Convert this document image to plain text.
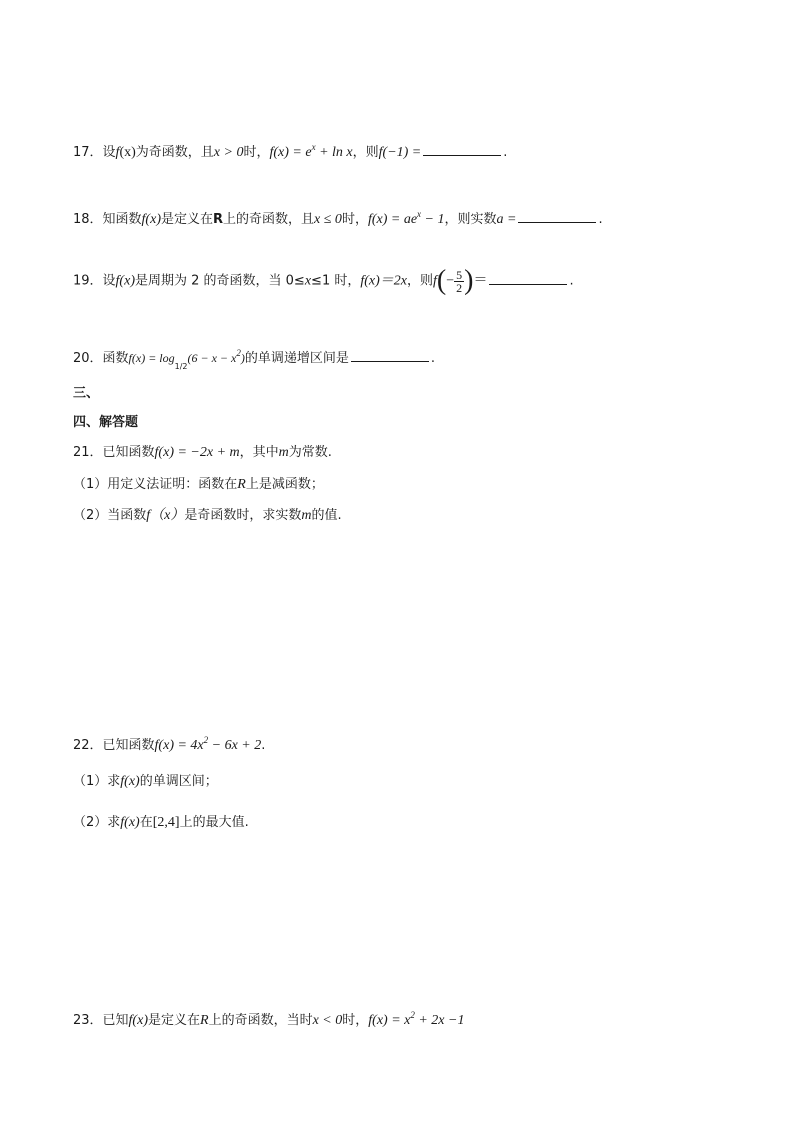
17．设f(x)为奇函数，且x > 0时，$f(x) = e^x + \ln x$，则f(−1) =	.
18．知函数f(x)是定义在R上的奇函数，且x ≤ 0时，$f(x) = ae^x - 1$，则实数a =	.
19．设f(x)是周期为 2 的奇函数，当 0≤x≤1 时，f(x)＝2x，则$f(- \frac{5}{2}$ )＝	.
20．函数$f(x) = \log_{1/2}(6 - x - x^2)$的单调递增区间是	.
三、
四、解答题
21．已知函数f(x) = −2x + m，其中m为常数.
（1）用定义法证明：函数在R上是减函数；
（2）当函数f（x）是奇函数时，求实数m的值.
22．已知函数$f(x) = 4x^2 - 6x + 2$.
（1）求f(x)的单调区间；
（2）求f(x)在[2,4]上的最大值.
23．已知f(x)是定义在R上的奇函数，当时x < 0时，$f(x) = x^2 + 2x -1$
